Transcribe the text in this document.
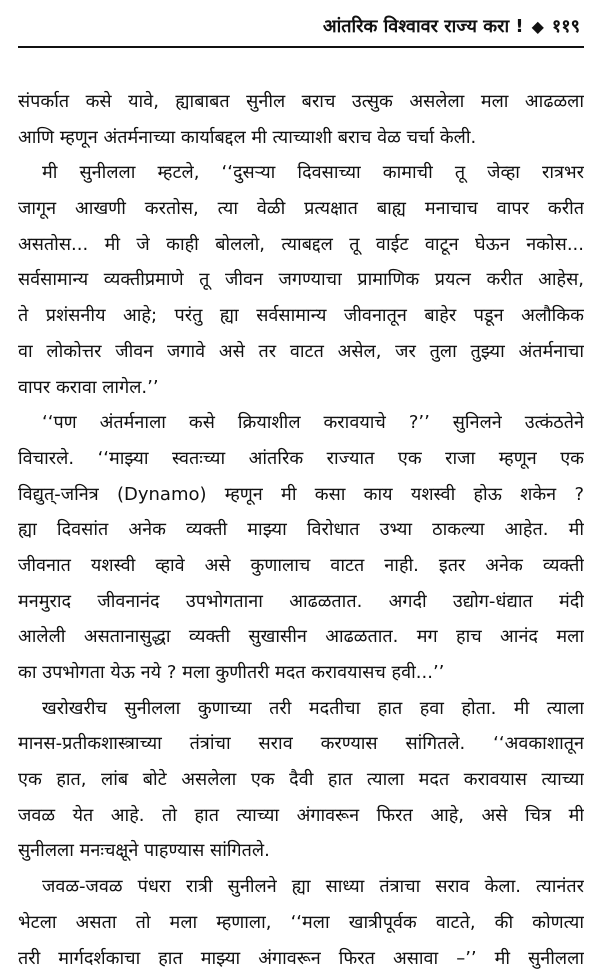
आंतरिक विश्वावर राज्य करा ! ◆ ११९
संपर्कात कसे यावे, ह्याबाबत सुनील बराच उत्सुक असलेला मला आढळला
आणि म्हणून अंतर्मनाच्या कार्याबद्दल मी त्याच्याशी बराच वेळ चर्चा केली.
मी सुनीलला म्हटले, ‘‘दुसऱ्या दिवसाच्या कामाची तू जेव्हा रात्रभर
जागून आखणी करतोस, त्या वेळी प्रत्यक्षात बाह्य मनाचाच वापर करीत
असतोस... मी जे काही बोललो, त्याबद्दल तू वाईट वाटून घेऊन नकोस...
सर्वसामान्य व्यक्तीप्रमाणे तू जीवन जगण्याचा प्रामाणिक प्रयत्न करीत आहेस,
ते प्रशंसनीय आहे; परंतु ह्या सर्वसामान्य जीवनातून बाहेर पडून अलौकिक
वा लोकोत्तर जीवन जगावे असे तर वाटत असेल, जर तुला तुझ्या अंतर्मनाचा
वापर करावा लागेल.’’
‘‘पण अंतर्मनाला कसे क्रियाशील करावयाचे ?’’ सुनिलने उत्कंठतेने
विचारले. ‘‘माझ्या स्वतःच्या आंतरिक राज्यात एक राजा म्हणून एक
विद्युत्-जनित्र (Dynamo) म्हणून मी कसा काय यशस्वी होऊ शकेन ?
ह्या दिवसांत अनेक व्यक्ती माझ्या विरोधात उभ्या ठाकल्या आहेत. मी
जीवनात यशस्वी व्हावे असे कुणालाच वाटत नाही. इतर अनेक व्यक्ती
मनमुराद जीवनानंद उपभोगताना आढळतात. अगदी उद्योग-धंद्यात मंदी
आलेली असतानासुद्धा व्यक्ती सुखासीन आढळतात. मग हाच आनंद मला
का उपभोगता येऊ नये ? मला कुणीतरी मदत करावयासच हवी...’’
खरोखरीच सुनीलला कुणाच्या तरी मदतीचा हात हवा होता. मी त्याला
मानस-प्रतीकशास्त्राच्या तंत्रांचा सराव करण्यास सांगितले. ‘‘अवकाशातून
एक हात, लांब बोटे असलेला एक दैवी हात त्याला मदत करावयास त्याच्या
जवळ येत आहे. तो हात त्याच्या अंगावरून फिरत आहे, असे चित्र मी
सुनीलला मनःचक्षूने पाहण्यास सांगितले.
जवळ-जवळ पंधरा रात्री सुनीलने ह्या साध्या तंत्राचा सराव केला. त्यानंतर
भेटला असता तो मला म्हणाला, ‘‘मला खात्रीपूर्वक वाटते, की कोणत्या
तरी मार्गदर्शकाचा हात माझ्या अंगावरून फिरत असावा –’’ मी सुनीलला
